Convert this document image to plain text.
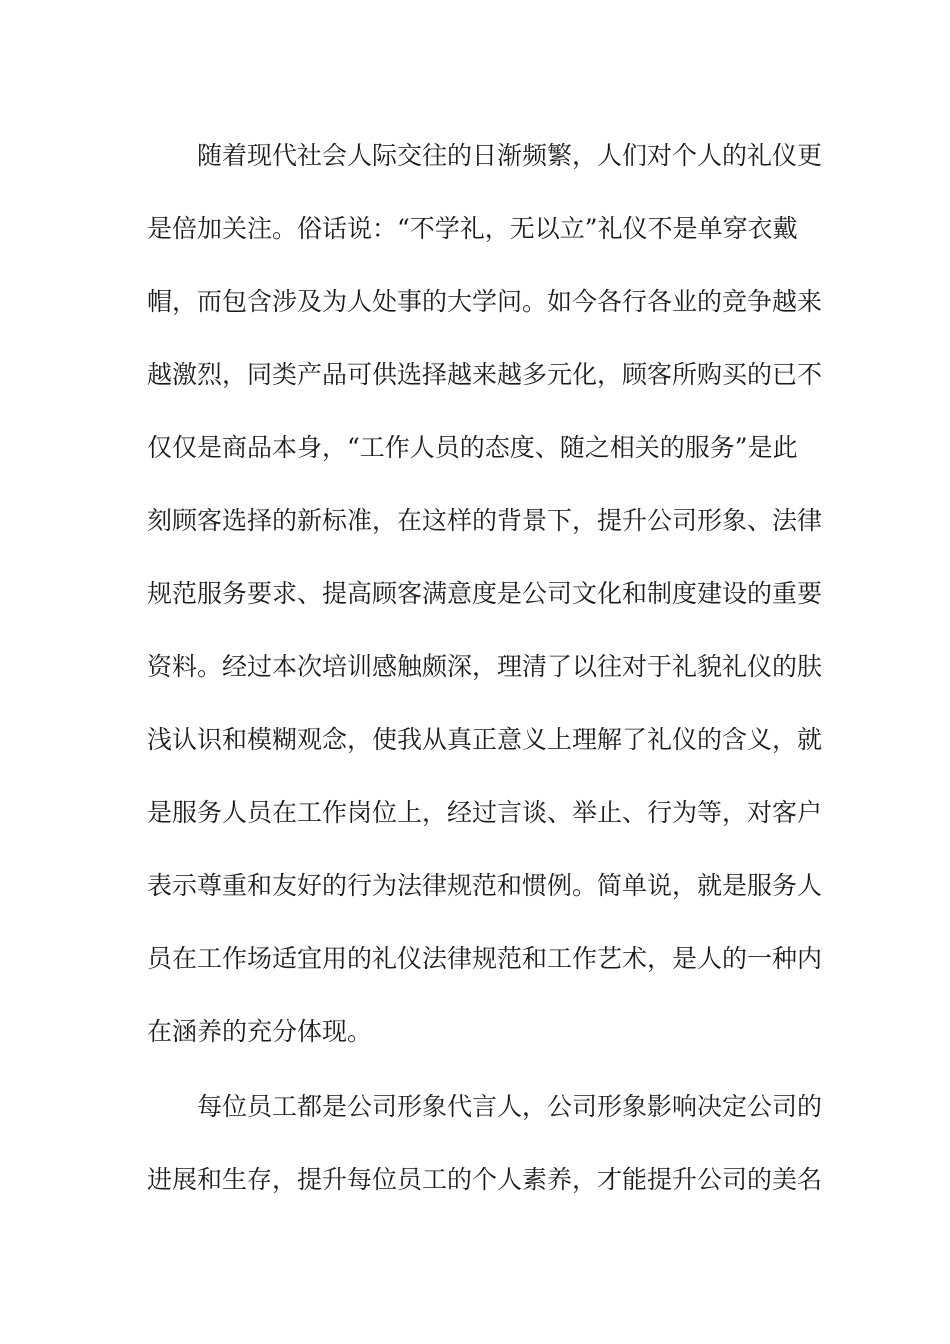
随着现代社会人际交往的日渐频繁，人们对个人的礼仪更
是倍加关注。俗话说：“不学礼，无以立”礼仪不是单穿衣戴
帽，而包含涉及为人处事的大学问。如今各行各业的竞争越来
越激烈，同类产品可供选择越来越多元化，顾客所购买的已不
仅仅是商品本身，“工作人员的态度、随之相关的服务”是此
刻顾客选择的新标准，在这样的背景下，提升公司形象、法律
规范服务要求、提高顾客满意度是公司文化和制度建设的重要
资料。经过本次培训感触颇深，理清了以往对于礼貌礼仪的肤
浅认识和模糊观念，使我从真正意义上理解了礼仪的含义，就
是服务人员在工作岗位上，经过言谈、举止、行为等，对客户
表示尊重和友好的行为法律规范和惯例。简单说，就是服务人
员在工作场适宜用的礼仪法律规范和工作艺术，是人的一种内
在涵养的充分体现。
每位员工都是公司形象代言人，公司形象影响决定公司的
进展和生存，提升每位员工的个人素养，才能提升公司的美名
